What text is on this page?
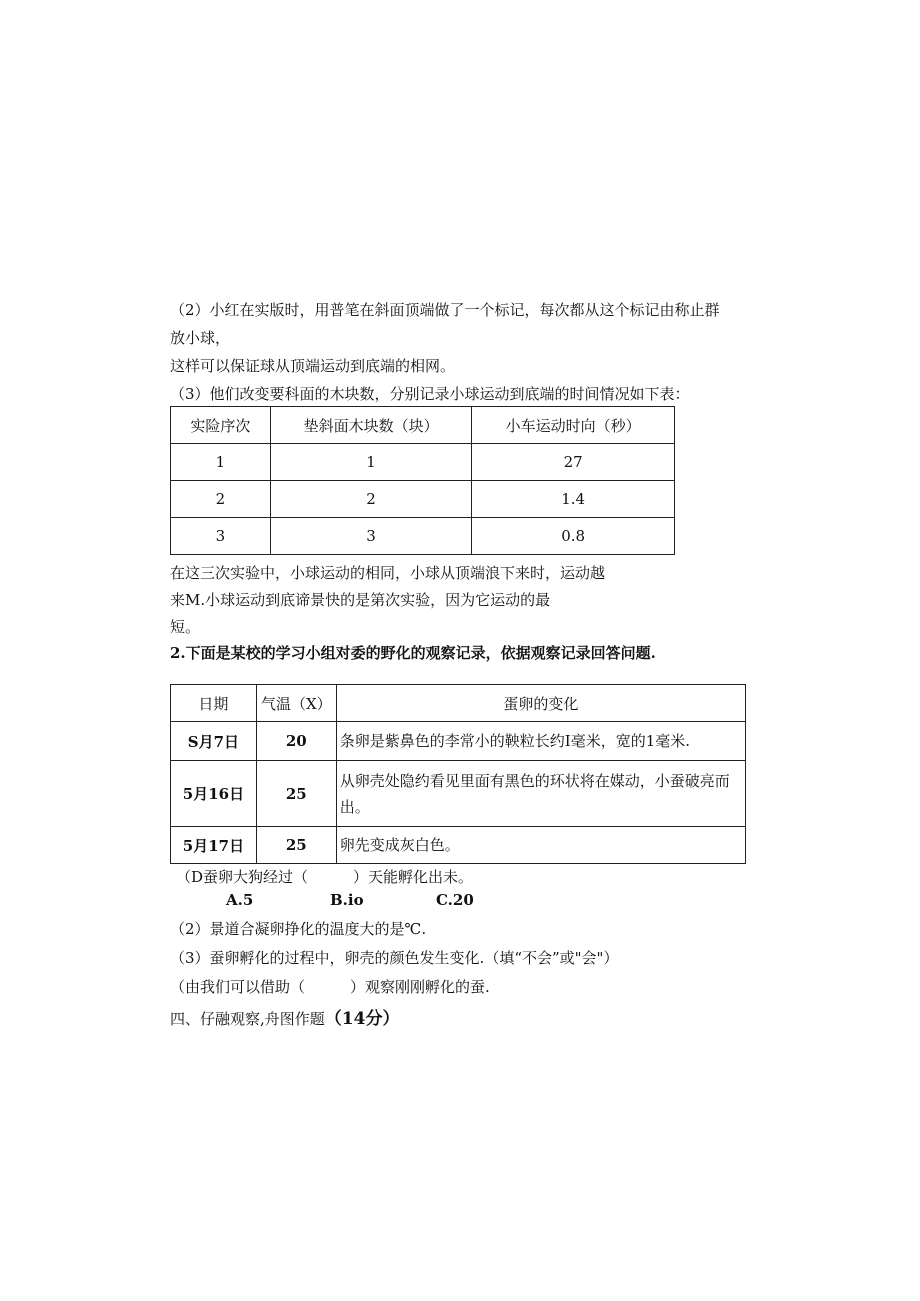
（2）小红在实版时，用普笔在斜面顶端做了一个标记，每次都从这个标记由称止群
放小球，
这样可以保证球从顶端运动到底端的相网。
（3）他们改变要科面的木块数，分别记录小球运动到底端的时间情况如下表：
实险序次	垫斜面木块数（块）	小车运动时向（秒）
1	1	27
2	2	1.4
3	3	0.8
在这三次实验中，小球运动的相同，小球从顶端浪下来时，运动越
来M.小球运动到底谛景快的是第次实验，因为它运动的最
短。
2.下面是某校的学习小组对委的野化的观察记录，依据观察记录回答问题.
日期	气温（X）	蛋卵的变化
S月7日	20	条卵是紫鼻色的李常小的鞅粒长约I毫米，宽的1毫米.
5月16日	25	从卵壳处隐约看见里面有黑色的环状将在媒动，小蚕破亮而出。
5月17日	25	卵先变成灰白色。
（D蚕卵大狗经过（　　　）天能孵化出未。
A.5	B.io	C.20
（2）景道合凝卵挣化的温度大的是℃.
（3）蚕卵孵化的过程中，卵壳的颜色发生变化.（填“不会”或"会"）
（由我们可以借助（　　　）观察刚刚孵化的蚕.
四、仔融观察,舟图作题（14分）
